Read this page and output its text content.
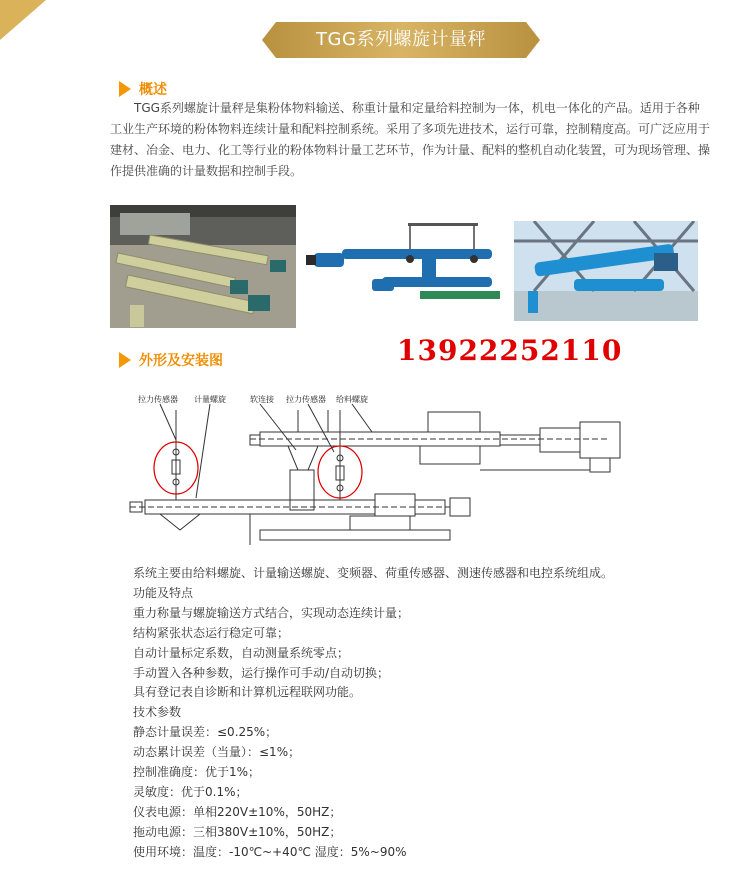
TGG系列螺旋计量秤
概述
TGG系列螺旋计量秤是集粉体物料输送、称重计量和定量给料控制为一体，机电一体化的产品。适用于各种工业生产环境的粉体物料连续计量和配料控制系统。采用了多项先进技术，运行可靠，控制精度高。可广泛应用于建材、冶金、电力、化工等行业的粉体物料计量工艺环节，作为计量、配料的整机自动化装置，可为现场管理、操作提供准确的计量数据和控制手段。
外形及安装图	13922252110
拉力传感器 计量螺旋	软连接 拉力传感器 给料螺旋
系统主要由给料螺旋、计量输送螺旋、变频器、荷重传感器、测速传感器和电控系统组成。
功能及特点
重力称量与螺旋输送方式结合，实现动态连续计量；
结构紧张状态运行稳定可靠；
自动计量标定系数，自动测量系统零点；
手动置入各种参数，运行操作可手动/自动切换；
具有登记表自诊断和计算机远程联网功能。
技术参数
静态计量误差：≤0.25%；
动态累计误差（当量）：≤1%；
控制准确度：优于1%；
灵敏度：优于0.1%；
仪表电源：单相220V±10%，50HZ；
拖动电源：三相380V±10%，50HZ；
使用环境：温度：-10℃~+40℃ 湿度：5%~90%
